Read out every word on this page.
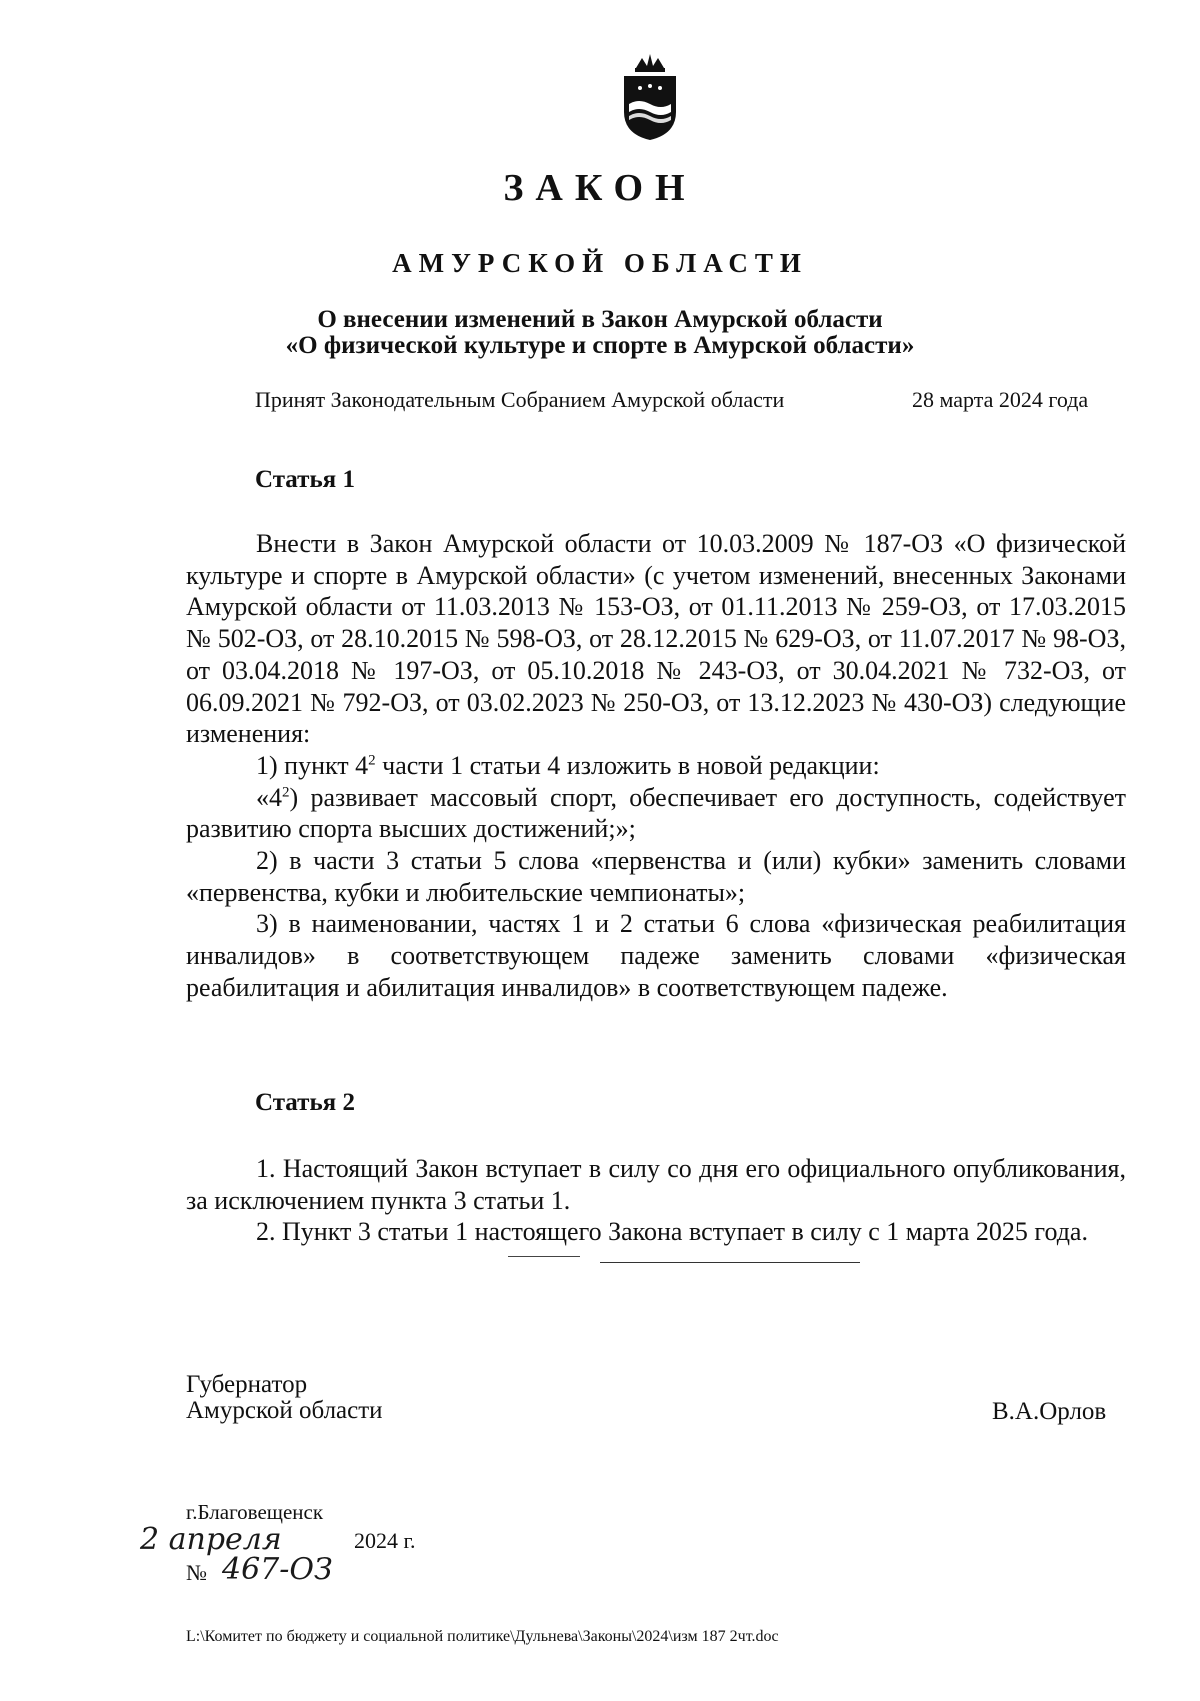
ЗАКОН
АМУРСКОЙ ОБЛАСТИ
О внесении изменений в Закон Амурской области
«О физической культуре и спорте в Амурской области»
Принят Законодательным Собранием Амурской области	28 марта 2024 года
Статья 1

Внести в Закон Амурской области от 10.03.2009 № 187-ОЗ «О физической культуре и спорте в Амурской области» (с учетом изменений, внесенных Законами Амурской области от 11.03.2013 № 153-ОЗ, от 01.11.2013 № 259-ОЗ, от 17.03.2015 № 502-ОЗ, от 28.10.2015 № 598-ОЗ, от 28.12.2015 № 629-ОЗ, от 11.07.2017 № 98-ОЗ, от 03.04.2018 № 197-ОЗ, от 05.10.2018 № 243-ОЗ, от 30.04.2021 № 732-ОЗ, от 06.09.2021 № 792-ОЗ, от 03.02.2023 № 250-ОЗ, от 13.12.2023 № 430-ОЗ) следующие изменения:

1) пункт $4^2$ части 1 статьи 4 изложить в новой редакции:

«$4^2$) развивает массовый спорт, обеспечивает его доступность, содействует развитию спорта высших достижений;»;

2) в части 3 статьи 5 слова «первенства и (или) кубки» заменить словами «первенства, кубки и любительские чемпионаты»;

3) в наименовании, частях 1 и 2 статьи 6 слова «физическая реабилитация инвалидов» в соответствующем падеже заменить словами «физическая реабилитация и абилитация инвалидов» в соответствующем падеже.

Статья 2

1. Настоящий Закон вступает в силу со дня его официального опубликования, за исключением пункта 3 статьи 1.

2. Пункт 3 статьи 1 настоящего Закона вступает в силу с 1 марта 2025 года.

Губернатор
Амурской области	В.А.Орлов
г.Благовещенск
2 апреля	2024 г.
№ 467-ОЗ
L:\Комитет по бюджету и социальной политике\Дульнева\Законы\2024\изм 187 2чт.doc
